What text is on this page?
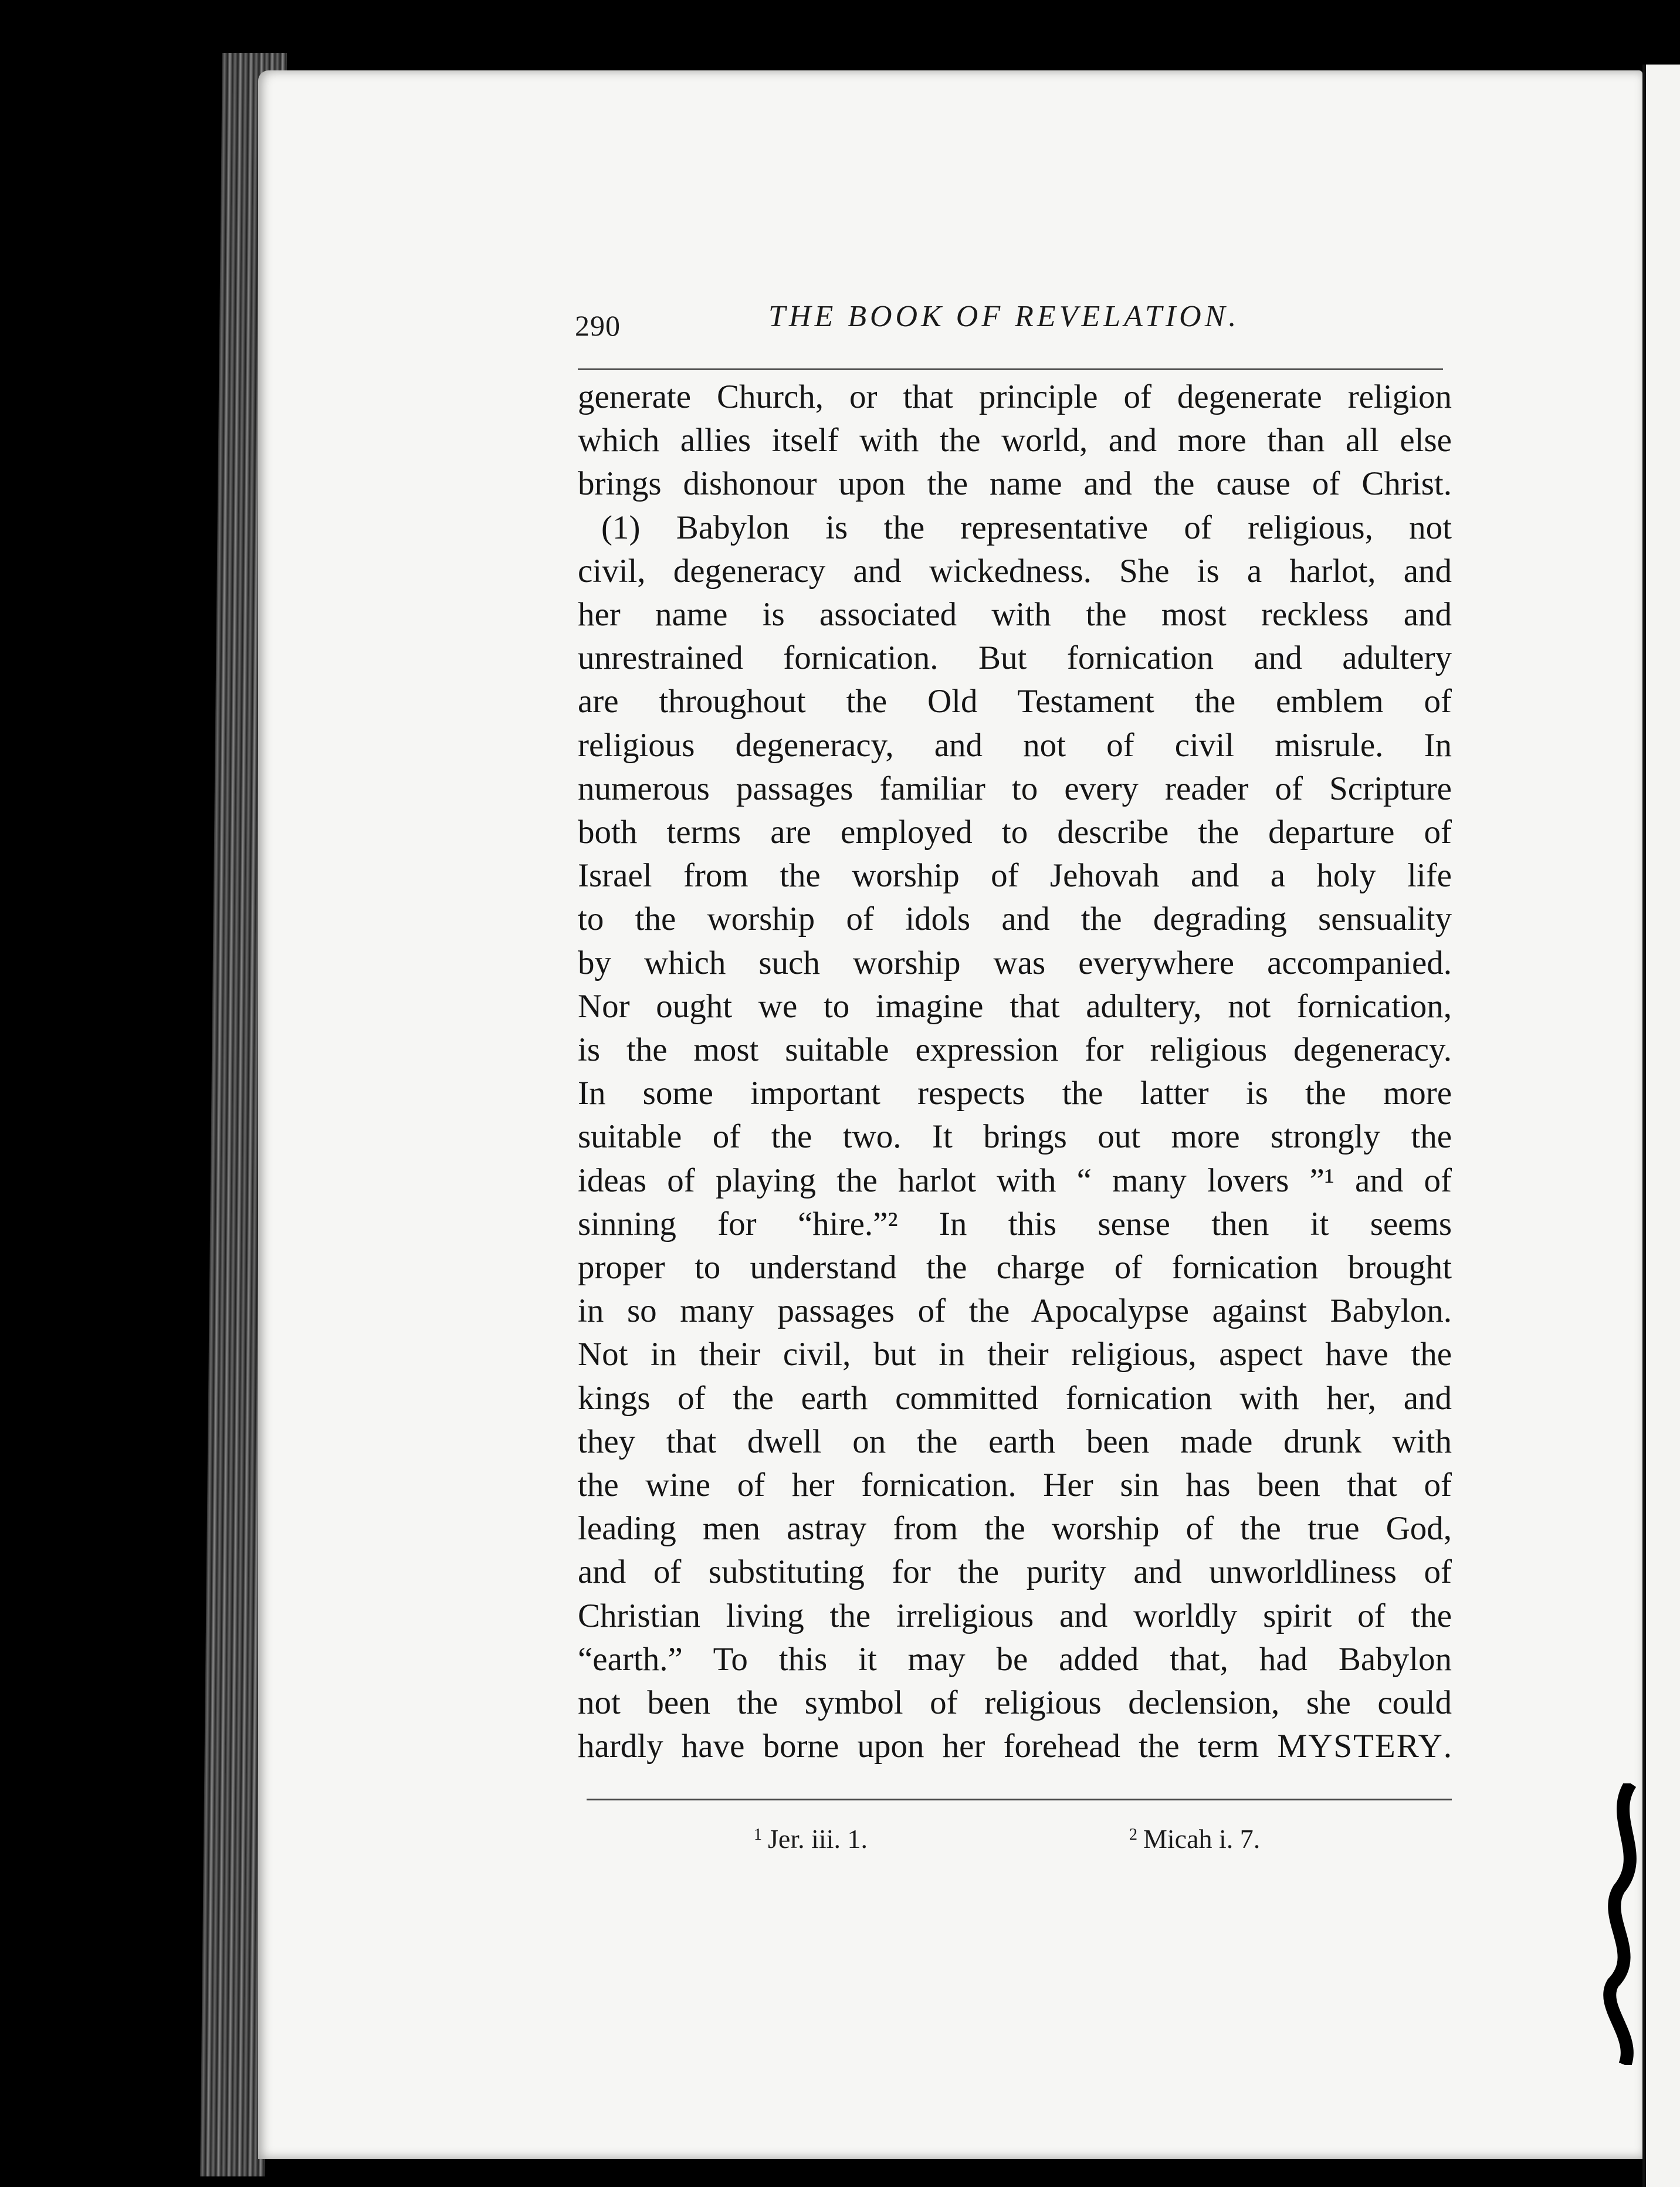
290	THE BOOK OF REVELATION.
generate Church, or that principle of degenerate religion
which allies itself with the world, and more than all else
brings dishonour upon the name and the cause of Christ.
(1) Babylon is the representative of religious, not
civil, degeneracy and wickedness. She is a harlot, and
her name is associated with the most reckless and
unrestrained fornication. But fornication and adultery
are throughout the Old Testament the emblem of
religious degeneracy, and not of civil misrule. In
numerous passages familiar to every reader of Scripture
both terms are employed to describe the departure of
Israel from the worship of Jehovah and a holy life
to the worship of idols and the degrading sensuality
by which such worship was everywhere accompanied.
Nor ought we to imagine that adultery, not fornication,
is the most suitable expression for religious degeneracy.
In some important respects the latter is the more
suitable of the two. It brings out more strongly the
ideas of playing the harlot with “ many lovers ”¹ and of
sinning for “hire.”² In this sense then it seems
proper to understand the charge of fornication brought
in so many passages of the Apocalypse against Babylon.
Not in their civil, but in their religious, aspect have the
kings of the earth committed fornication with her, and
they that dwell on the earth been made drunk with
the wine of her fornication. Her sin has been that of
leading men astray from the worship of the true God,
and of substituting for the purity and unworldliness of
Christian living the irreligious and worldly spirit of the
“earth.” To this it may be added that, had Babylon
not been the symbol of religious declension, she could
hardly have borne upon her forehead the term MYSTERY.
$^1$ Jer. iii. 1.	$^2$ Micah i. 7.
